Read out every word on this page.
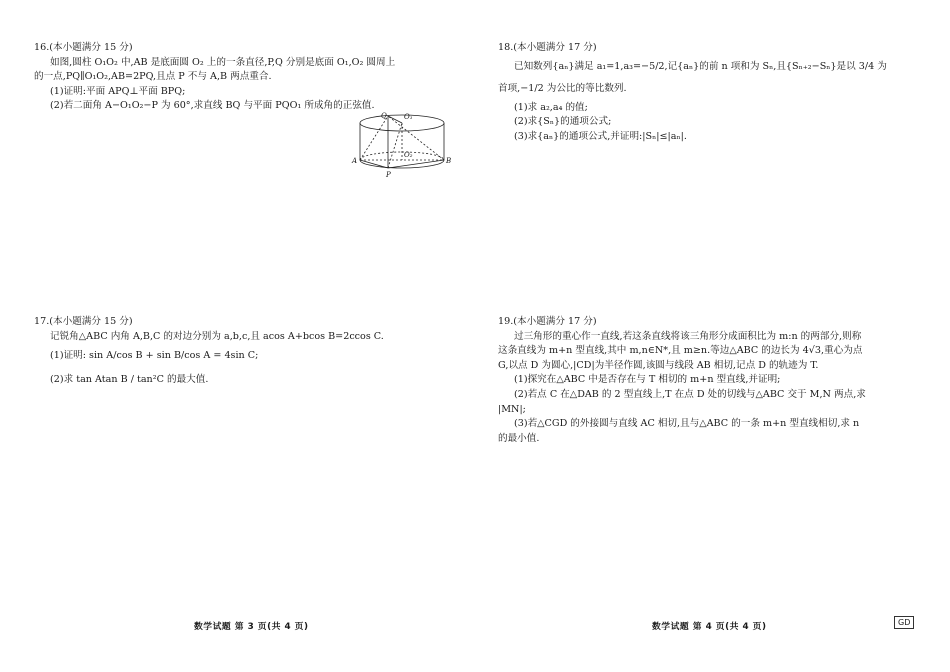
16.(本小题满分 15 分)
如图,圆柱 O₁O₂ 中,AB 是底面圆 O₂ 上的一条直径,P,Q 分别是底面 O₁,O₂ 圆周上
的一点,PQ∥O₁O₂,AB=2PQ,且点 P 不与 A,B 两点重合.
(1)证明:平面 APQ⊥平面 BPQ;
(2)若二面角 A−O₁O₂−P 为 60°,求直线 BQ 与平面 PQO₁ 所成角的正弦值.
Q O₁
O₂
A	B
P
17.(本小题满分 15 分)
记锐角△ABC 内角 A,B,C 的对边分别为 a,b,c,且 acos A+bcos B=2ccos C.
(1)证明: sin A/cos B + sin B/cos A = 4sin C;
(2)求 tan Atan B / tan²C 的最大值.
数学试题 第 3 页(共 4 页)
18.(本小题满分 17 分)
已知数列{aₙ}满足 a₁=1,a₃=−5/2,记{aₙ}的前 n 项和为 Sₙ,且{Sₙ₊₂−Sₙ}是以 3/4 为
首项,−1/2 为公比的等比数列.
(1)求 a₂,a₄ 的值;
(2)求{Sₙ}的通项公式;
(3)求{aₙ}的通项公式,并证明:|Sₙ|≤|aₙ|.
19.(本小题满分 17 分)
过三角形的重心作一直线,若这条直线将该三角形分成面积比为 m:n 的两部分,则称
这条直线为 m+n 型直线,其中 m,n∈N*,且 m≥n.等边△ABC 的边长为 4√3,重心为点
G,以点 D 为圆心,|CD|为半径作圆,该圆与线段 AB 相切,记点 D 的轨迹为 T.
(1)探究在△ABC 中是否存在与 T 相切的 m+n 型直线,并证明;
(2)若点 C 在△DAB 的 2 型直线上,T 在点 D 处的切线与△ABC 交于 M,N 两点,求
|MN|;
(3)若△CGD 的外接圆与直线 AC 相切,且与△ABC 的一条 m+n 型直线相切,求 n
的最小值.
数学试题 第 4 页(共 4 页)	GD
